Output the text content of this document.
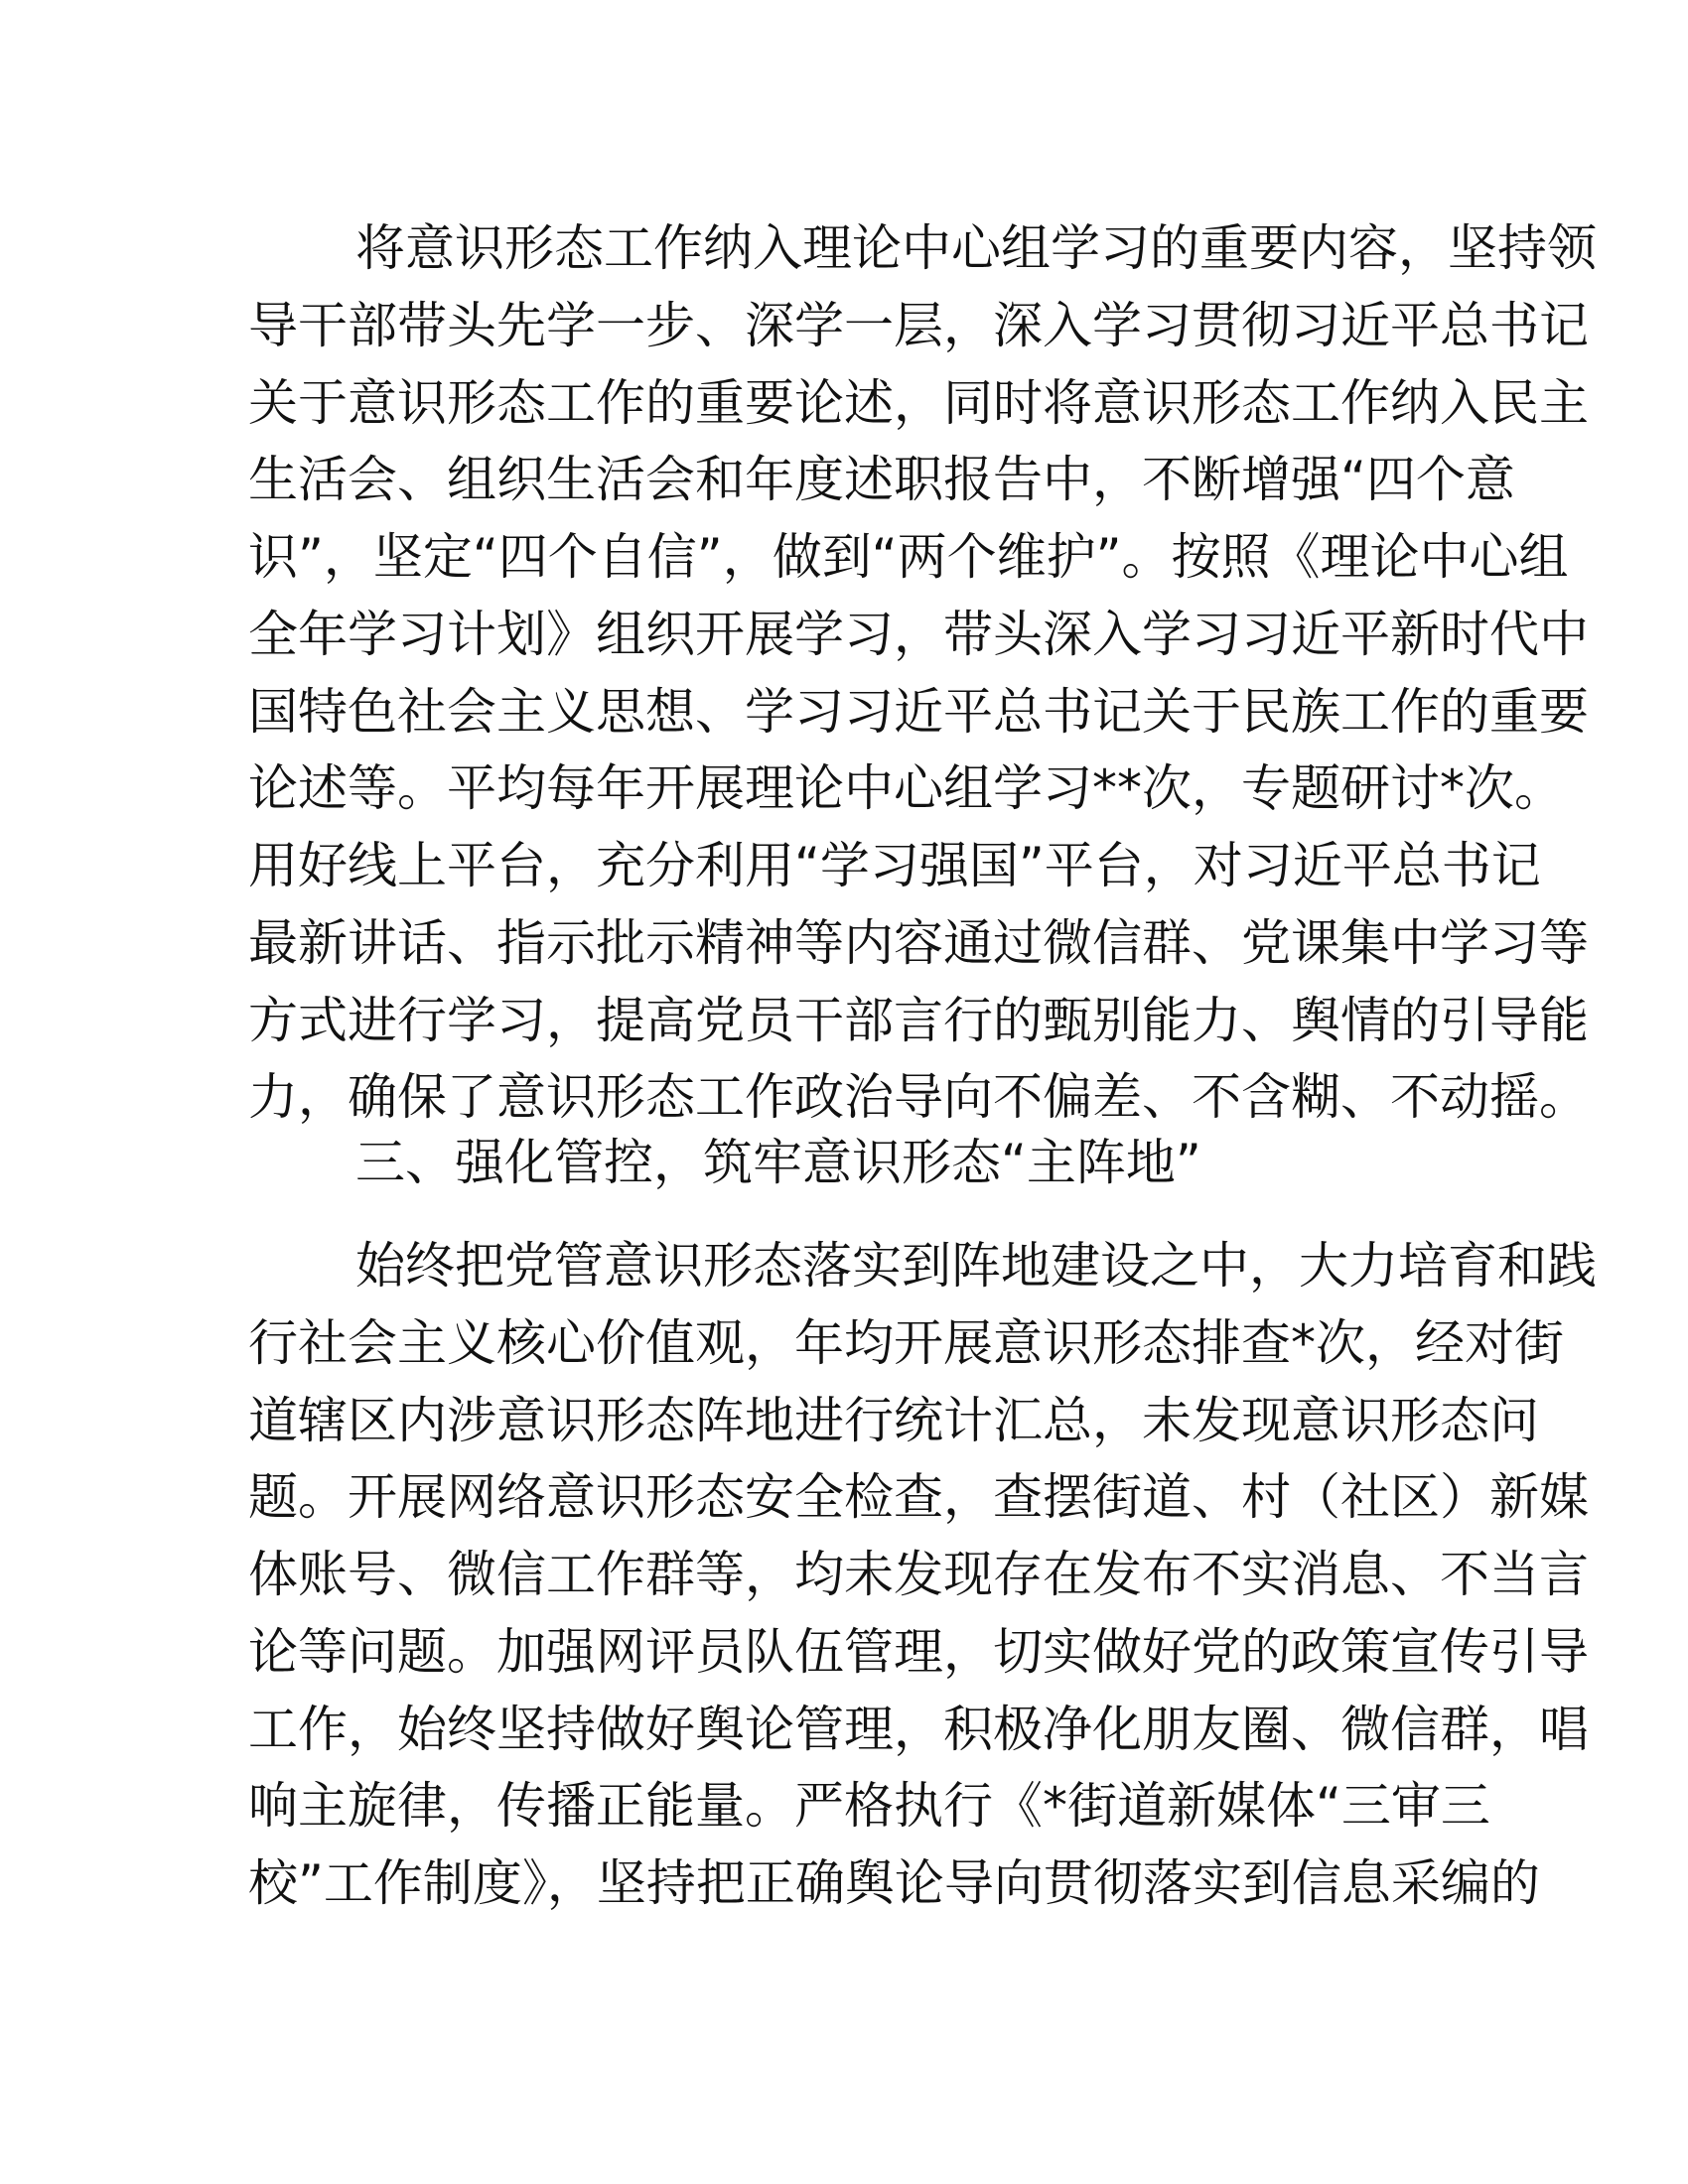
将意识形态工作纳入理论中心组学习的重要内容，坚持领
导干部带头先学一步、深学一层，深入学习贯彻习近平总书记
关于意识形态工作的重要论述，同时将意识形态工作纳入民主
生活会、组织生活会和年度述职报告中，不断增强“四个意
识”，坚定“四个自信”，做到“两个维护”。按照《理论中心组
全年学习计划》组织开展学习，带头深入学习习近平新时代中
国特色社会主义思想、学习习近平总书记关于民族工作的重要
论述等。平均每年开展理论中心组学习**次，专题研讨*次。
用好线上平台，充分利用“学习强国”平台，对习近平总书记
最新讲话、指示批示精神等内容通过微信群、党课集中学习等
方式进行学习，提高党员干部言行的甄别能力、舆情的引导能
力，确保了意识形态工作政治导向不偏差、不含糊、不动摇。
三、强化管控，筑牢意识形态“主阵地”
始终把党管意识形态落实到阵地建设之中，大力培育和践
行社会主义核心价值观，年均开展意识形态排查*次，经对街
道辖区内涉意识形态阵地进行统计汇总，未发现意识形态问
题。开展网络意识形态安全检查，查摆街道、村（社区）新媒
体账号、微信工作群等，均未发现存在发布不实消息、不当言
论等问题。加强网评员队伍管理，切实做好党的政策宣传引导
工作，始终坚持做好舆论管理，积极净化朋友圈、微信群，唱
响主旋律，传播正能量。严格执行《*街道新媒体“三审三
校”工作制度》，坚持把正确舆论导向贯彻落实到信息采编的
